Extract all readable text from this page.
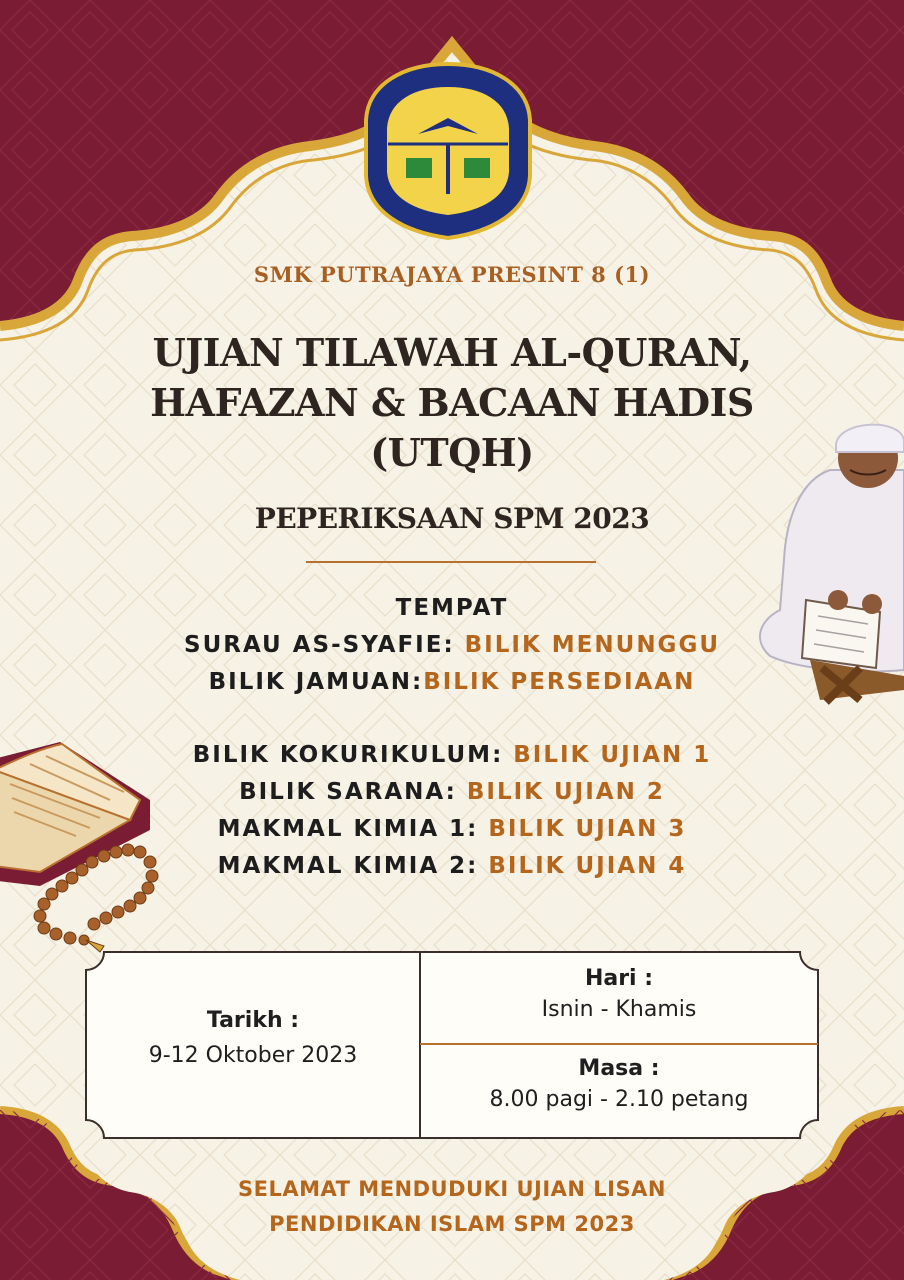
SMK PUTRAJAYA PRESINT 8 (1)

UJIAN TILAWAH AL-QURAN,
HAFAZAN & BACAAN HADIS
(UTQH)

PEPERIKSAAN SPM 2023

TEMPAT
SURAU AS-SYAFIE: BILIK MENUNGGU
BILIK JAMUAN:BILIK PERSEDIAAN
BILIK KOKURIKULUM: BILIK UJIAN 1
BILIK SARANA: BILIK UJIAN 2
MAKMAL KIMIA 1: BILIK UJIAN 3
MAKMAL KIMIA 2: BILIK UJIAN 4
Tarikh :
9-12 Oktober 2023
Hari :
Isnin - Khamis
Masa :
8.00 pagi - 2.10 petang
SELAMAT MENDUDUKI UJIAN LISAN
PENDIDIKAN ISLAM SPM 2023
